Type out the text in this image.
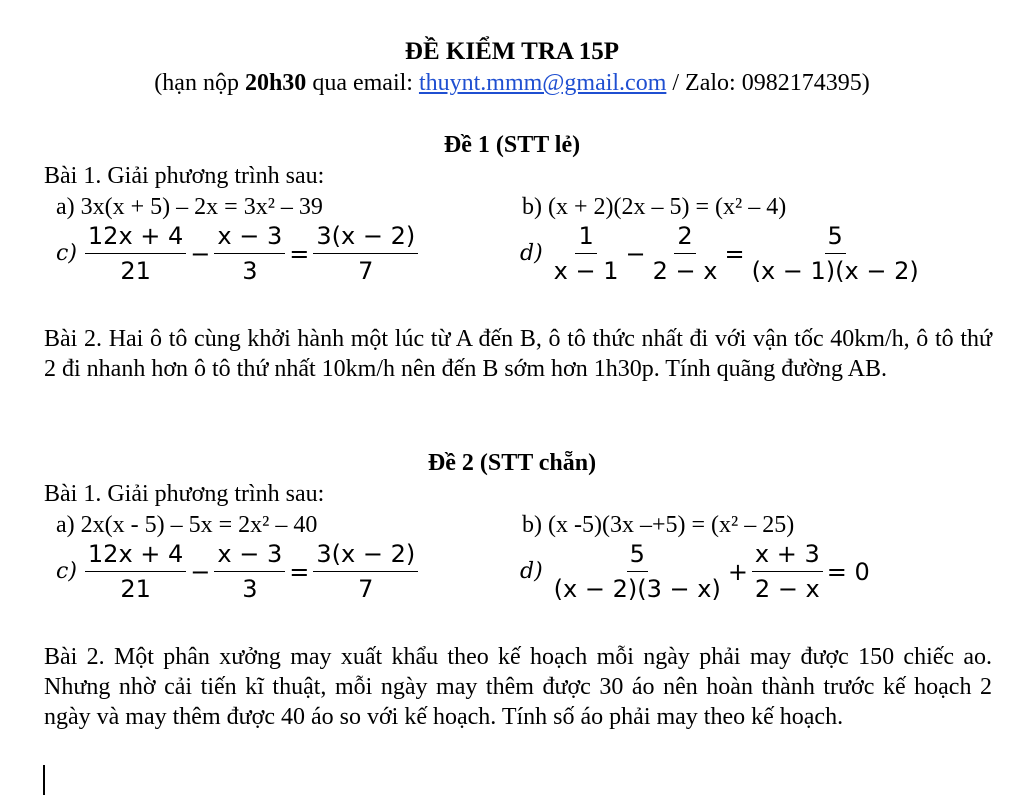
ĐỀ KIỂM TRA 15P
(hạn nộp 20h30 qua email: thuynt.mmm@gmail.com / Zalo: 0982174395)
Đề 1 (STT lẻ)
Bài 1. Giải phương trình sau:
a) 3x(x + 5) – 2x = 3x² – 39	b) (x + 2)(2x – 5) = (x² – 4)
$c) \frac{12x + 4}{21} - \frac{x - 3}{3} = \frac{3(x - 2)}{7}$	$d) \frac{1}{x - 1} - \frac{2}{2 - x} = \frac{5}{(x - 1)(x - 2)}$
Bài 2. Hai ô tô cùng khởi hành một lúc từ A đến B, ô tô thức nhất đi với vận tốc 40km/h, ô tô thứ 2 đi nhanh hơn ô tô thứ nhất 10km/h nên đến B sớm hơn 1h30p. Tính quãng đường AB.
Đề 2 (STT chẵn)
Bài 1. Giải phương trình sau:
a) 2x(x - 5) – 5x = 2x² – 40	b) (x -5)(3x –+5) = (x² – 25)
$c) \frac{12x + 4}{21} - \frac{x - 3}{3} = \frac{3(x - 2)}{7}$	$d) \frac{5}{(x - 2)(3 - x)} + \frac{x + 3}{2 - x} = 0$
Bài 2. Một phân xưởng may xuất khẩu theo kế hoạch mỗi ngày phải may được 150 chiếc ao. Nhưng nhờ cải tiến kĩ thuật, mỗi ngày may thêm được 30 áo nên hoàn thành trước kế hoạch 2 ngày và may thêm được 40 áo so với kế hoạch. Tính số áo phải may theo kế hoạch.
